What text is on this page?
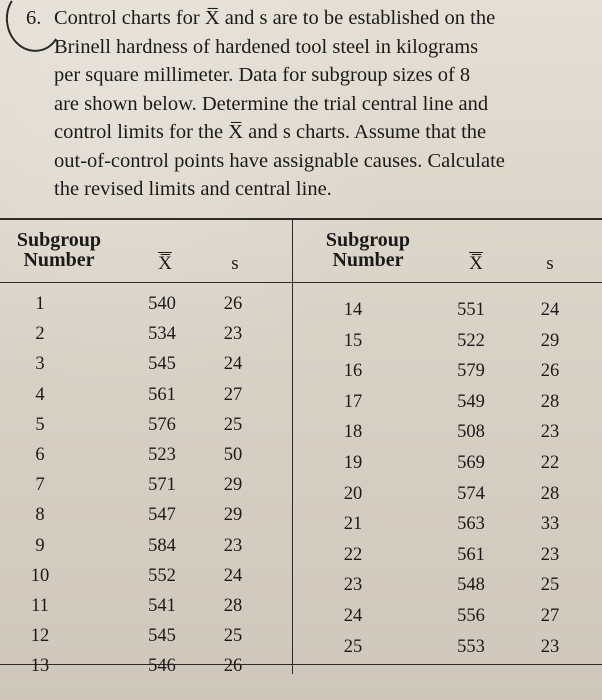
6. Control charts for X̅ and s are to be established on the
Brinell hardness of hardened tool steel in kilograms
per square millimeter. Data for subgroup sizes of 8
are shown below. Determine the trial central line and
control limits for the X̅ and s charts. Assume that the
out-of-control points have assignable causes. Calculate
the revised limits and central line.
Subgroup
Number	X̅	s
Subgroup
Number	X̅	s
1	540	26
2	534	23
3	545	24
4	561	27
5	576	25
6	523	50
7	571	29
8	547	29
9	584	23
10	552	24
11	541	28
12	545	25
13	546	26
14	551	24
15	522	29
16	579	26
17	549	28
18	508	23
19	569	22
20	574	28
21	563	33
22	561	23
23	548	25
24	556	27
25	553	23
